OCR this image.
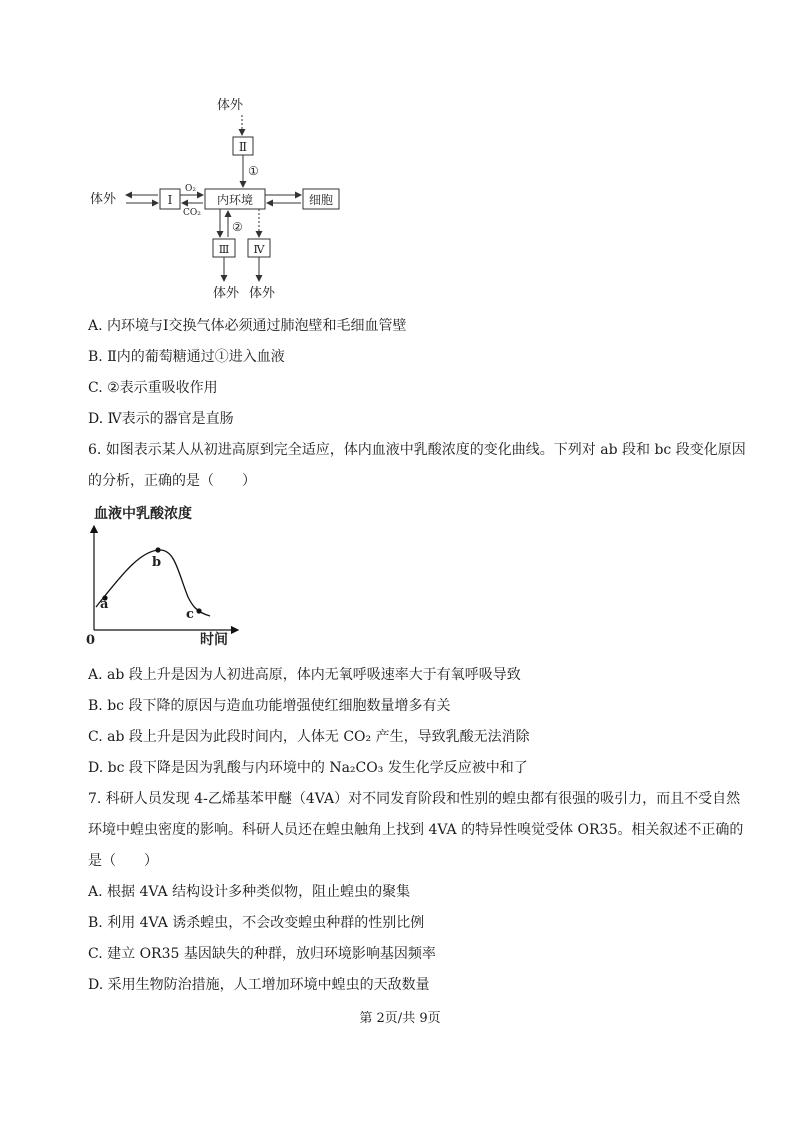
体外
Ⅱ
①
内环境
体外	Ⅰ
O₂
CO₂
细胞
②
Ⅲ
体外
Ⅳ
体外
A. 内环境与Ⅰ交换气体必须通过肺泡壁和毛细血管壁
B. Ⅱ内的葡萄糖通过①进入血液
C. ②表示重吸收作用
D. Ⅳ表示的器官是直肠
6. 如图表示某人从初进高原到完全适应，体内血液中乳酸浓度的变化曲线。下列对 ab 段和 bc 段变化原因
的分析，正确的是（　　）
血液中乳酸浓度
0	时间
a
b
c
A. ab 段上升是因为人初进高原，体内无氧呼吸速率大于有氧呼吸导致
B. bc 段下降的原因与造血功能增强使红细胞数量增多有关
C. ab 段上升是因为此段时间内，人体无 CO₂ 产生，导致乳酸无法消除
D. bc 段下降是因为乳酸与内环境中的 Na₂CO₃ 发生化学反应被中和了
7. 科研人员发现 4-乙烯基苯甲醚（4VA）对不同发育阶段和性别的蝗虫都有很强的吸引力，而且不受自然
环境中蝗虫密度的影响。科研人员还在蝗虫触角上找到 4VA 的特异性嗅觉受体 OR35。相关叙述不正确的
是（　　）
A. 根据 4VA 结构设计多种类似物，阻止蝗虫的聚集
B. 利用 4VA 诱杀蝗虫，不会改变蝗虫种群的性别比例
C. 建立 OR35 基因缺失的种群，放归环境影响基因频率
D. 采用生物防治措施，人工增加环境中蝗虫的天敌数量
第 2页/共 9页
